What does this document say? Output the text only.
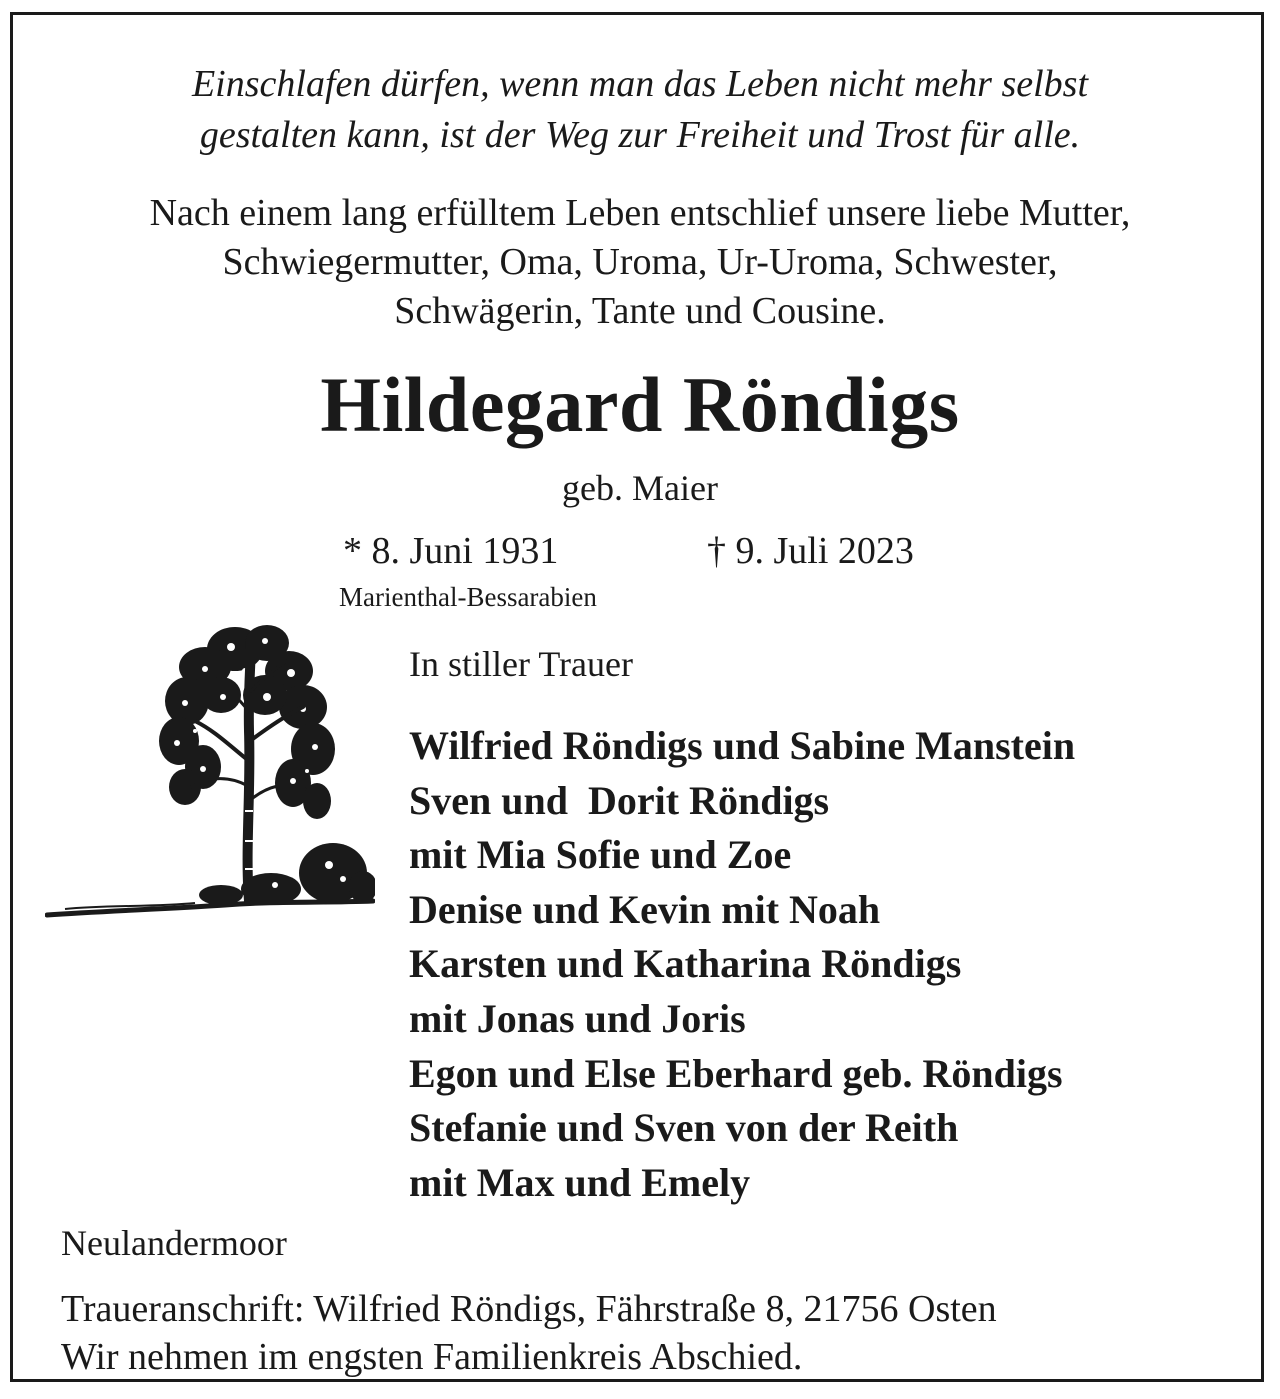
Einschlafen dürfen, wenn man das Leben nicht mehr selbst
gestalten kann, ist der Weg zur Freiheit und Trost für alle.
Nach einem lang erfülltem Leben entschlief unsere liebe Mutter,
Schwiegermutter, Oma, Uroma, Ur-Uroma, Schwester,
Schwägerin, Tante und Cousine.
Hildegard Röndigs
geb. Maier
* 8. Juni 1931	† 9. Juli 2023
Marienthal-Bessarabien
In stiller Trauer
Wilfried Röndigs und Sabine Manstein
Sven und  Dorit Röndigs
mit Mia Sofie und Zoe
Denise und Kevin mit Noah
Karsten und Katharina Röndigs
mit Jonas und Joris
Egon und Else Eberhard geb. Röndigs
Stefanie und Sven von der Reith
mit Max und Emely
Neulandermoor
Traueranschrift: Wilfried Röndigs, Fährstraße 8, 21756 Osten
Wir nehmen im engsten Familienkreis Abschied.
